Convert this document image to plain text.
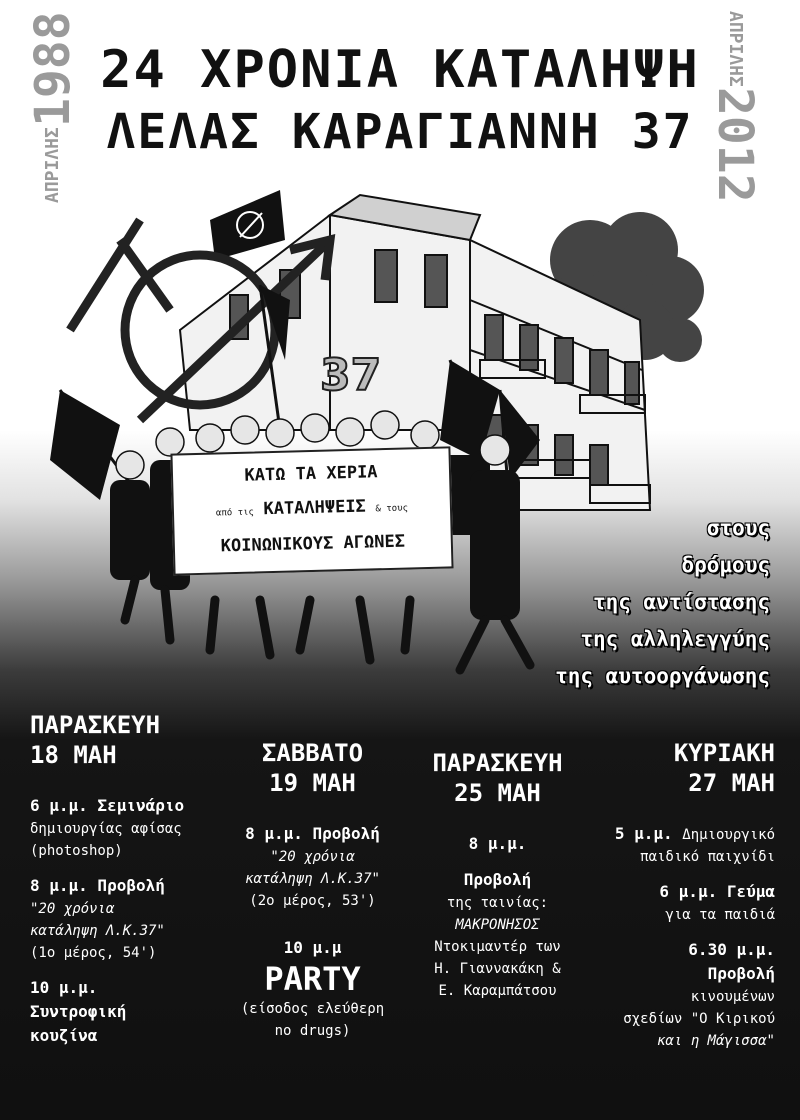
24 ΧΡΟΝΙΑ ΚΑΤΑΛΗΨΗ
ΛΕΛΑΣ ΚΑΡΑΓΙΑΝΝΗ 37
ΑΠΡΙΛΗΣ
1988	ΑΠΡΙΛΗΣ
2012
37
ΚΑΤΩ ΤΑ ΧΕΡΙΑ
από τις ΚΑΤΑΛΗΨΕΙΣ & τους
ΚΟΙΝΩΝΙΚΟΥΣ ΑΓΩΝΕΣ
στους
δρόμους
της αντίστασης
της αλληλεγγύης
της αυτοοργάνωσης
ΠΑΡΑΣΚΕΥΗ
18 ΜΑΗ
6 μ.μ. Σεμινάριο
δημιουργίας αφίσας
(photoshop)
8 μ.μ. Προβολή
"20 χρόνια
κατάληψη Λ.Κ.37"
(1ο μέρος, 54')
10 μ.μ.
Συντροφική
κουζίνα
ΣΑΒΒΑΤΟ
19 ΜΑΗ
8 μ.μ. Προβολή
"20 χρόνια
κατάληψη Λ.Κ.37"
(2ο μέρος, 53')
10 μ.μ
PARTY
(είσοδος ελεύθερη
no drugs)
ΠΑΡΑΣΚΕΥΗ
25 ΜΑΗ
8 μ.μ.
Προβολή
της ταινίας:
ΜΑΚΡΟΝΗΣΟΣ
Ντοκιμαντέρ των
Η. Γιαννακάκη &
Ε. Καραμπάτσου
ΚΥΡΙΑΚΗ
27 ΜΑΗ
5 μ.μ. Δημιουργικό
παιδικό παιχνίδι
6 μ.μ. Γεύμα
για τα παιδιά
6.30 μ.μ.
Προβολή
κινουμένων
σχεδίων "Ο Κιρικού
και η Μάγισσα"
